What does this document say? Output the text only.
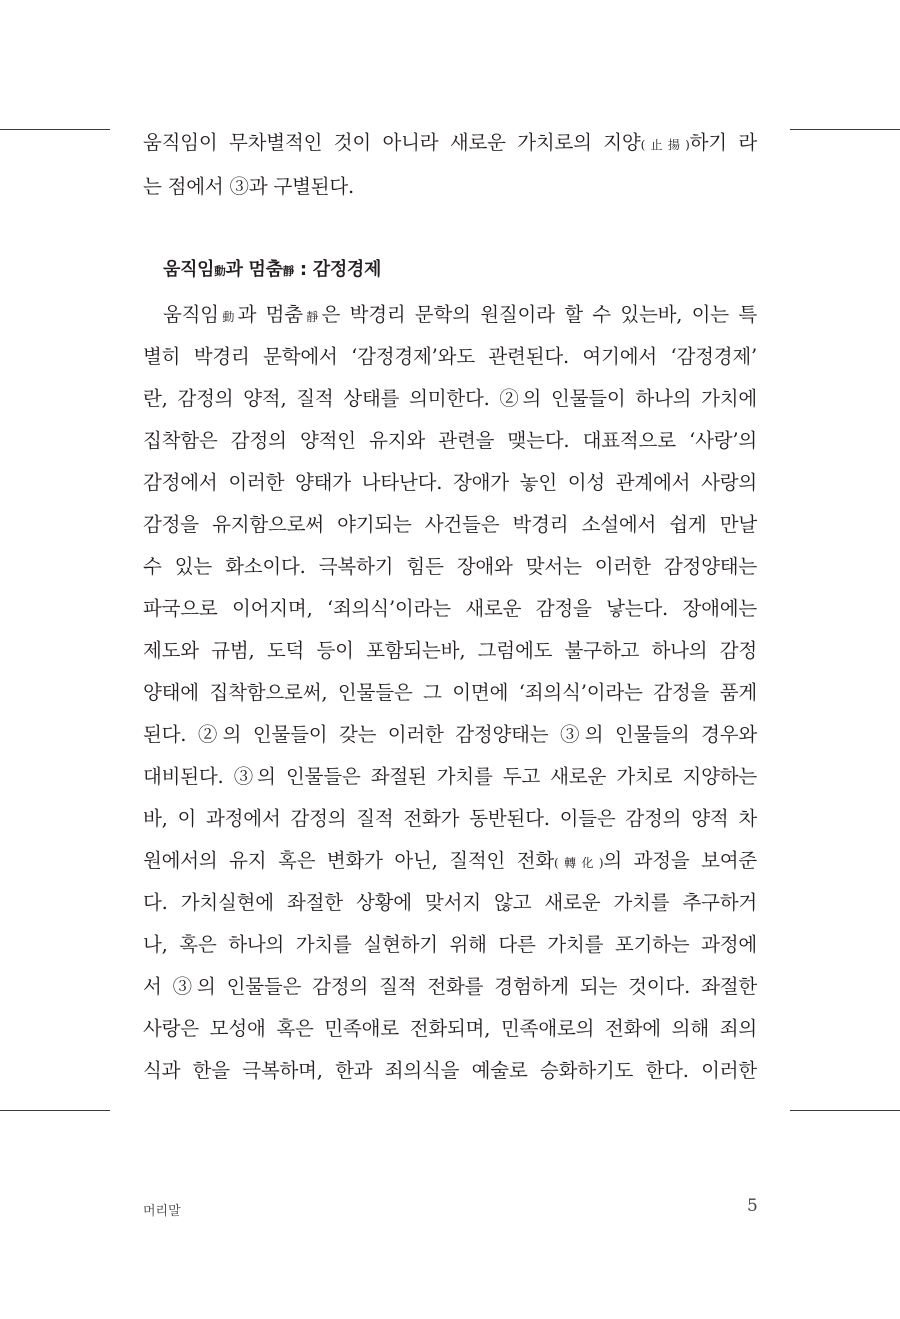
움직임이 무차별적인 것이 아니라 새로운 가치로의 지양(止揚)하기 라
는 점에서 ③과 구별된다.
움직임動과 멈춤靜 : 감정경제
움직임動과 멈춤靜은 박경리 문학의 원질이라 할 수 있는바, 이는 특
별히 박경리 문학에서 ‘감정경제’와도 관련된다. 여기에서 ‘감정경제’
란, 감정의 양적, 질적 상태를 의미한다. ②의 인물들이 하나의 가치에
집착함은 감정의 양적인 유지와 관련을 맺는다. 대표적으로 ‘사랑’의
감정에서 이러한 양태가 나타난다. 장애가 놓인 이성 관계에서 사랑의
감정을 유지함으로써 야기되는 사건들은 박경리 소설에서 쉽게 만날
수 있는 화소이다. 극복하기 힘든 장애와 맞서는 이러한 감정양태는
파국으로 이어지며, ‘죄의식’이라는 새로운 감정을 낳는다. 장애에는
제도와 규범, 도덕 등이 포함되는바, 그럼에도 불구하고 하나의 감정
양태에 집착함으로써, 인물들은 그 이면에 ‘죄의식’이라는 감정을 품게
된다. ②의 인물들이 갖는 이러한 감정양태는 ③의 인물들의 경우와
대비된다. ③의 인물들은 좌절된 가치를 두고 새로운 가치로 지양하는
바, 이 과정에서 감정의 질적 전화가 동반된다. 이들은 감정의 양적 차
원에서의 유지 혹은 변화가 아닌, 질적인 전화(轉化)의 과정을 보여준
다. 가치실현에 좌절한 상황에 맞서지 않고 새로운 가치를 추구하거
나, 혹은 하나의 가치를 실현하기 위해 다른 가치를 포기하는 과정에
서 ③의 인물들은 감정의 질적 전화를 경험하게 되는 것이다. 좌절한
사랑은 모성애 혹은 민족애로 전화되며, 민족애로의 전화에 의해 죄의
식과 한을 극복하며, 한과 죄의식을 예술로 승화하기도 한다. 이러한
머리말	5
